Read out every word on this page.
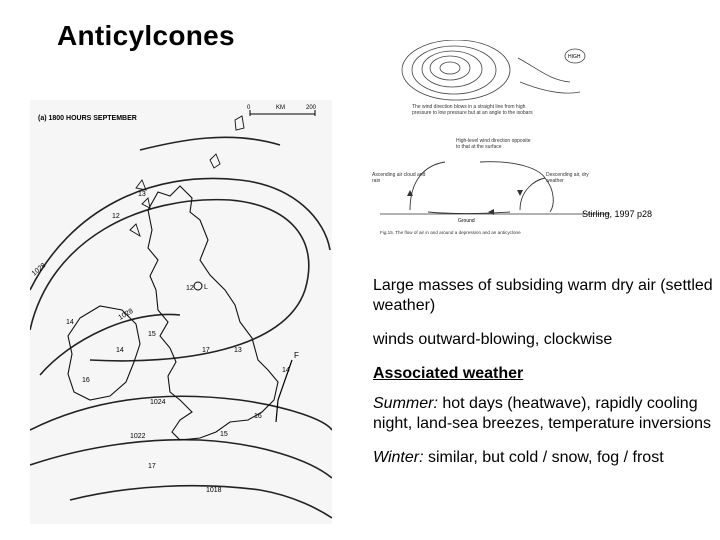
Anticylcones
(a) 1800 HOURS SEPTEMBER
0	KM	200
13
12
12
14
14
15
13
16
17
14
15
17
16
1028
1028
1024
1022
1018
L
F
HIGH
The wind direction blows in a straight line from high pressure to low pressure but at an angle to the isobars
High-level wind direction opposite to that at the surface
Ascending air cloud and rain
Descending air, dry weather
Ground
Fig.15. The flow of air in and around a depression and an anticyclone
Stirling, 1997 p28

Large masses of subsiding warm dry air (settled weather)

winds outward-blowing, clockwise

Associated weather

Summer: hot days (heatwave), rapidly cooling night, land-sea breezes, temperature inversions

Winter: similar, but cold / snow, fog / frost
